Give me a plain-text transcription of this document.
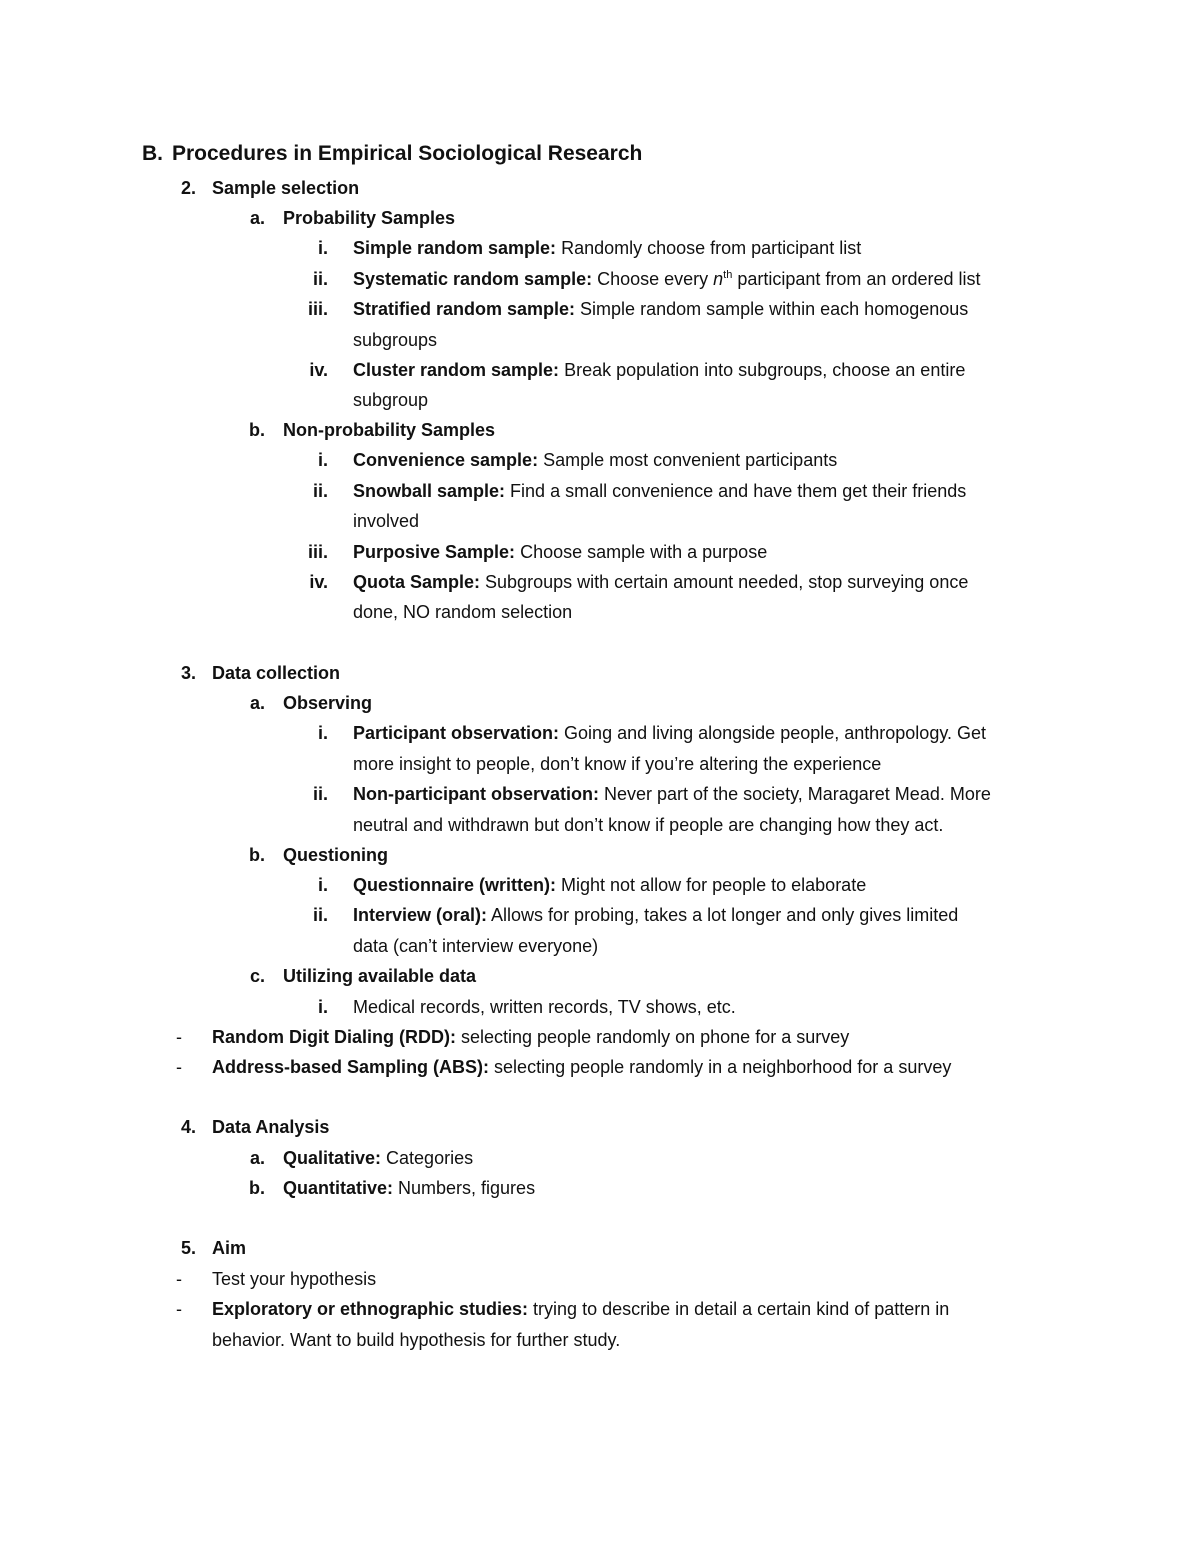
B. Procedures in Empirical Sociological Research
2. Sample selection
a. Probability Samples
i. Simple random sample: Randomly choose from participant list
ii. Systematic random sample: Choose every $n^{th}$ participant from an ordered list
iii. Stratified random sample: Simple random sample within each homogenous
subgroups
iv. Cluster random sample: Break population into subgroups, choose an entire
subgroup
b. Non-probability Samples
i. Convenience sample: Sample most convenient participants
ii. Snowball sample: Find a small convenience and have them get their friends
involved
iii. Purposive Sample: Choose sample with a purpose
iv. Quota Sample: Subgroups with certain amount needed, stop surveying once
done, NO random selection
3. Data collection
a. Observing
i. Participant observation: Going and living alongside people, anthropology. Get
more insight to people, don’t know if you’re altering the experience
ii. Non-participant observation: Never part of the society, Maragaret Mead. More
neutral and withdrawn but don’t know if people are changing how they act.
b. Questioning
i. Questionnaire (written): Might not allow for people to elaborate
ii. Interview (oral): Allows for probing, takes a lot longer and only gives limited
data (can’t interview everyone)
c. Utilizing available data
i. Medical records, written records, TV shows, etc.
- Random Digit Dialing (RDD): selecting people randomly on phone for a survey
- Address-based Sampling (ABS): selecting people randomly in a neighborhood for a survey
4. Data Analysis
a. Qualitative: Categories
b. Quantitative: Numbers, figures
5. Aim
- Test your hypothesis
- Exploratory or ethnographic studies: trying to describe in detail a certain kind of pattern in
behavior. Want to build hypothesis for further study.
